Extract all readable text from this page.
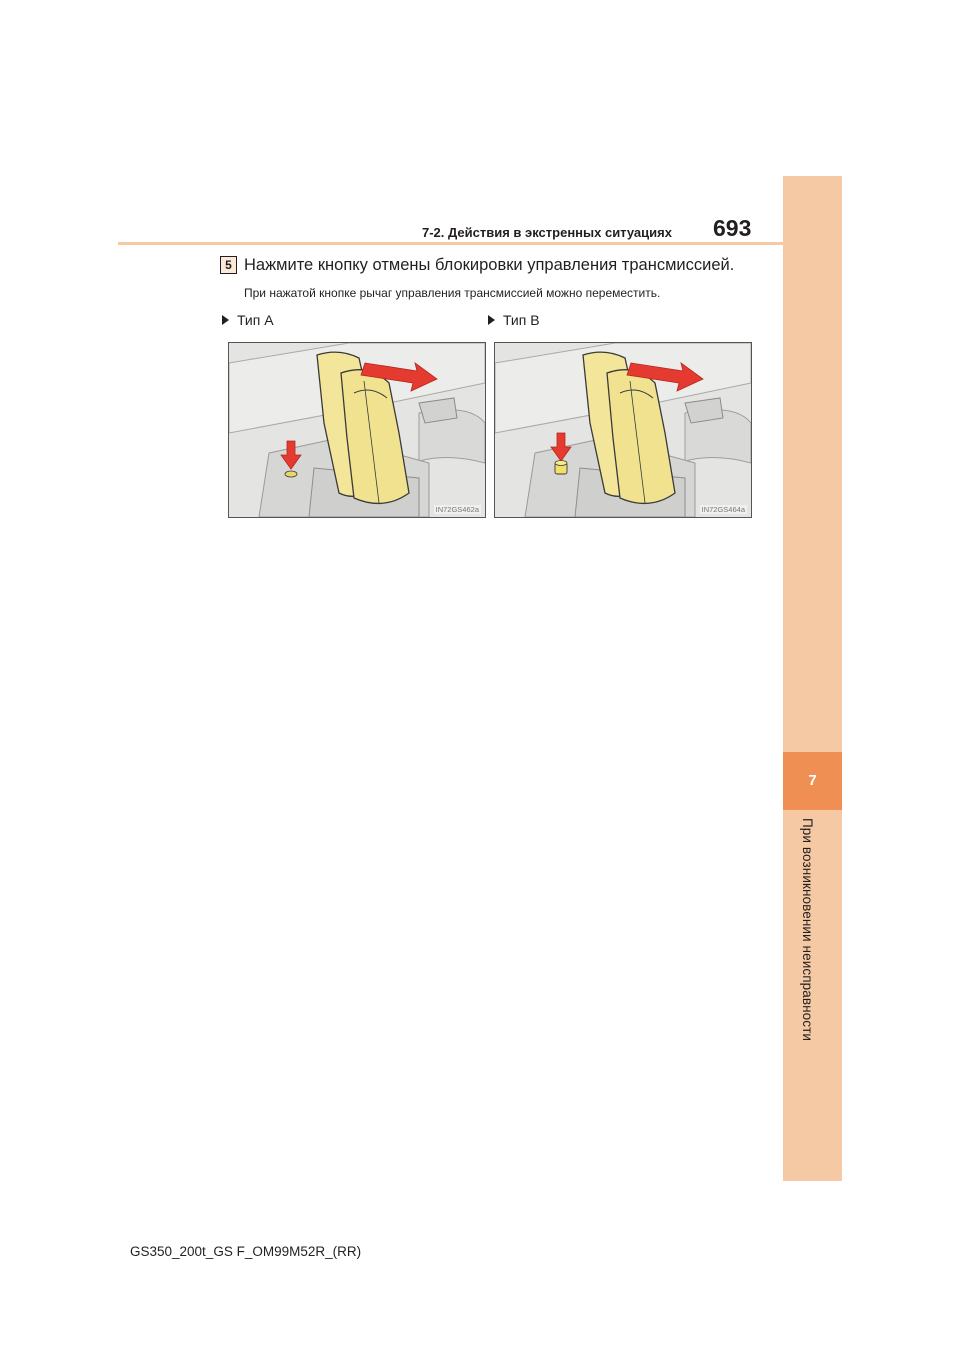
7
При возникновении неисправности
7-2. Действия в экстренных ситуациях 693
5 Нажмите кнопку отмены блокировки управления трансмиссией.
При нажатой кнопке рычаг управления трансмиссией можно переместить.
Тип A	Тип B
IN72GS462a	IN72GS464a
GS350_200t_GS F_OM99M52R_(RR)
